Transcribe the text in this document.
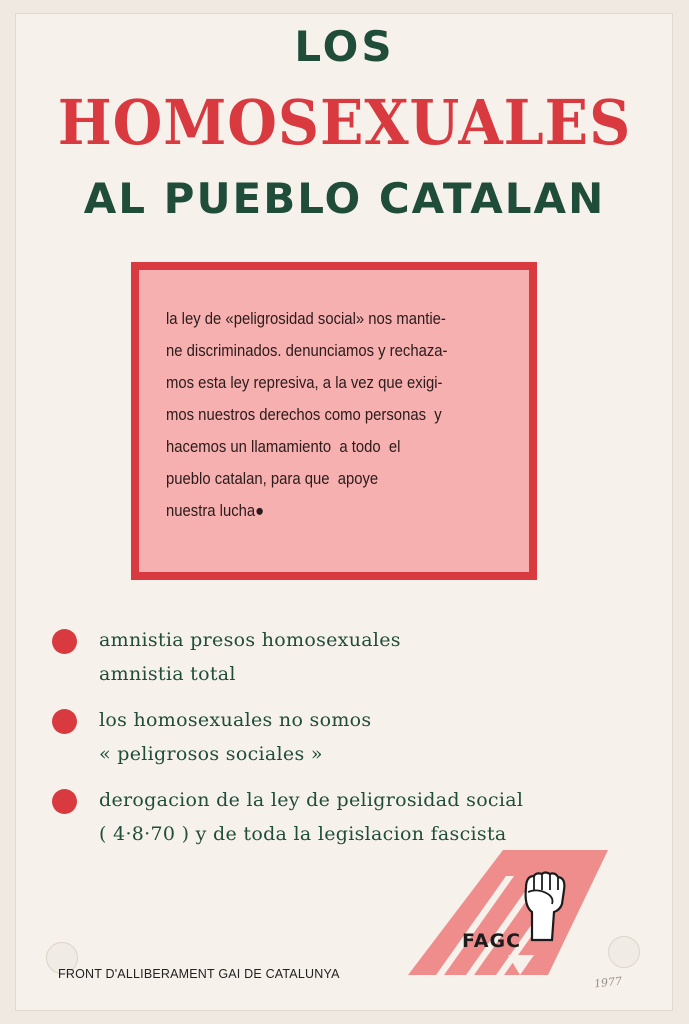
LOS
HOMOSEXUALES
AL PUEBLO CATALAN

la ley de «peligrosidad social» nos mantie-
ne discriminados. denunciamos y rechaza-
mos esta ley represiva, a la vez que exigi-
mos nuestros derechos como personas  y
hacemos un llamamiento  a todo  el
pueblo catalan, para que  apoye
nuestra lucha●

amnistia presos homosexuales
amnistia total
los homosexuales no somos
« peligrosos sociales »
derogacion de la ley de peligrosidad social
( 4·8·70 ) y de toda la legislacion fascista

FAGC

FRONT D'ALLIBERAMENT GAI DE CATALUNYA

1977
